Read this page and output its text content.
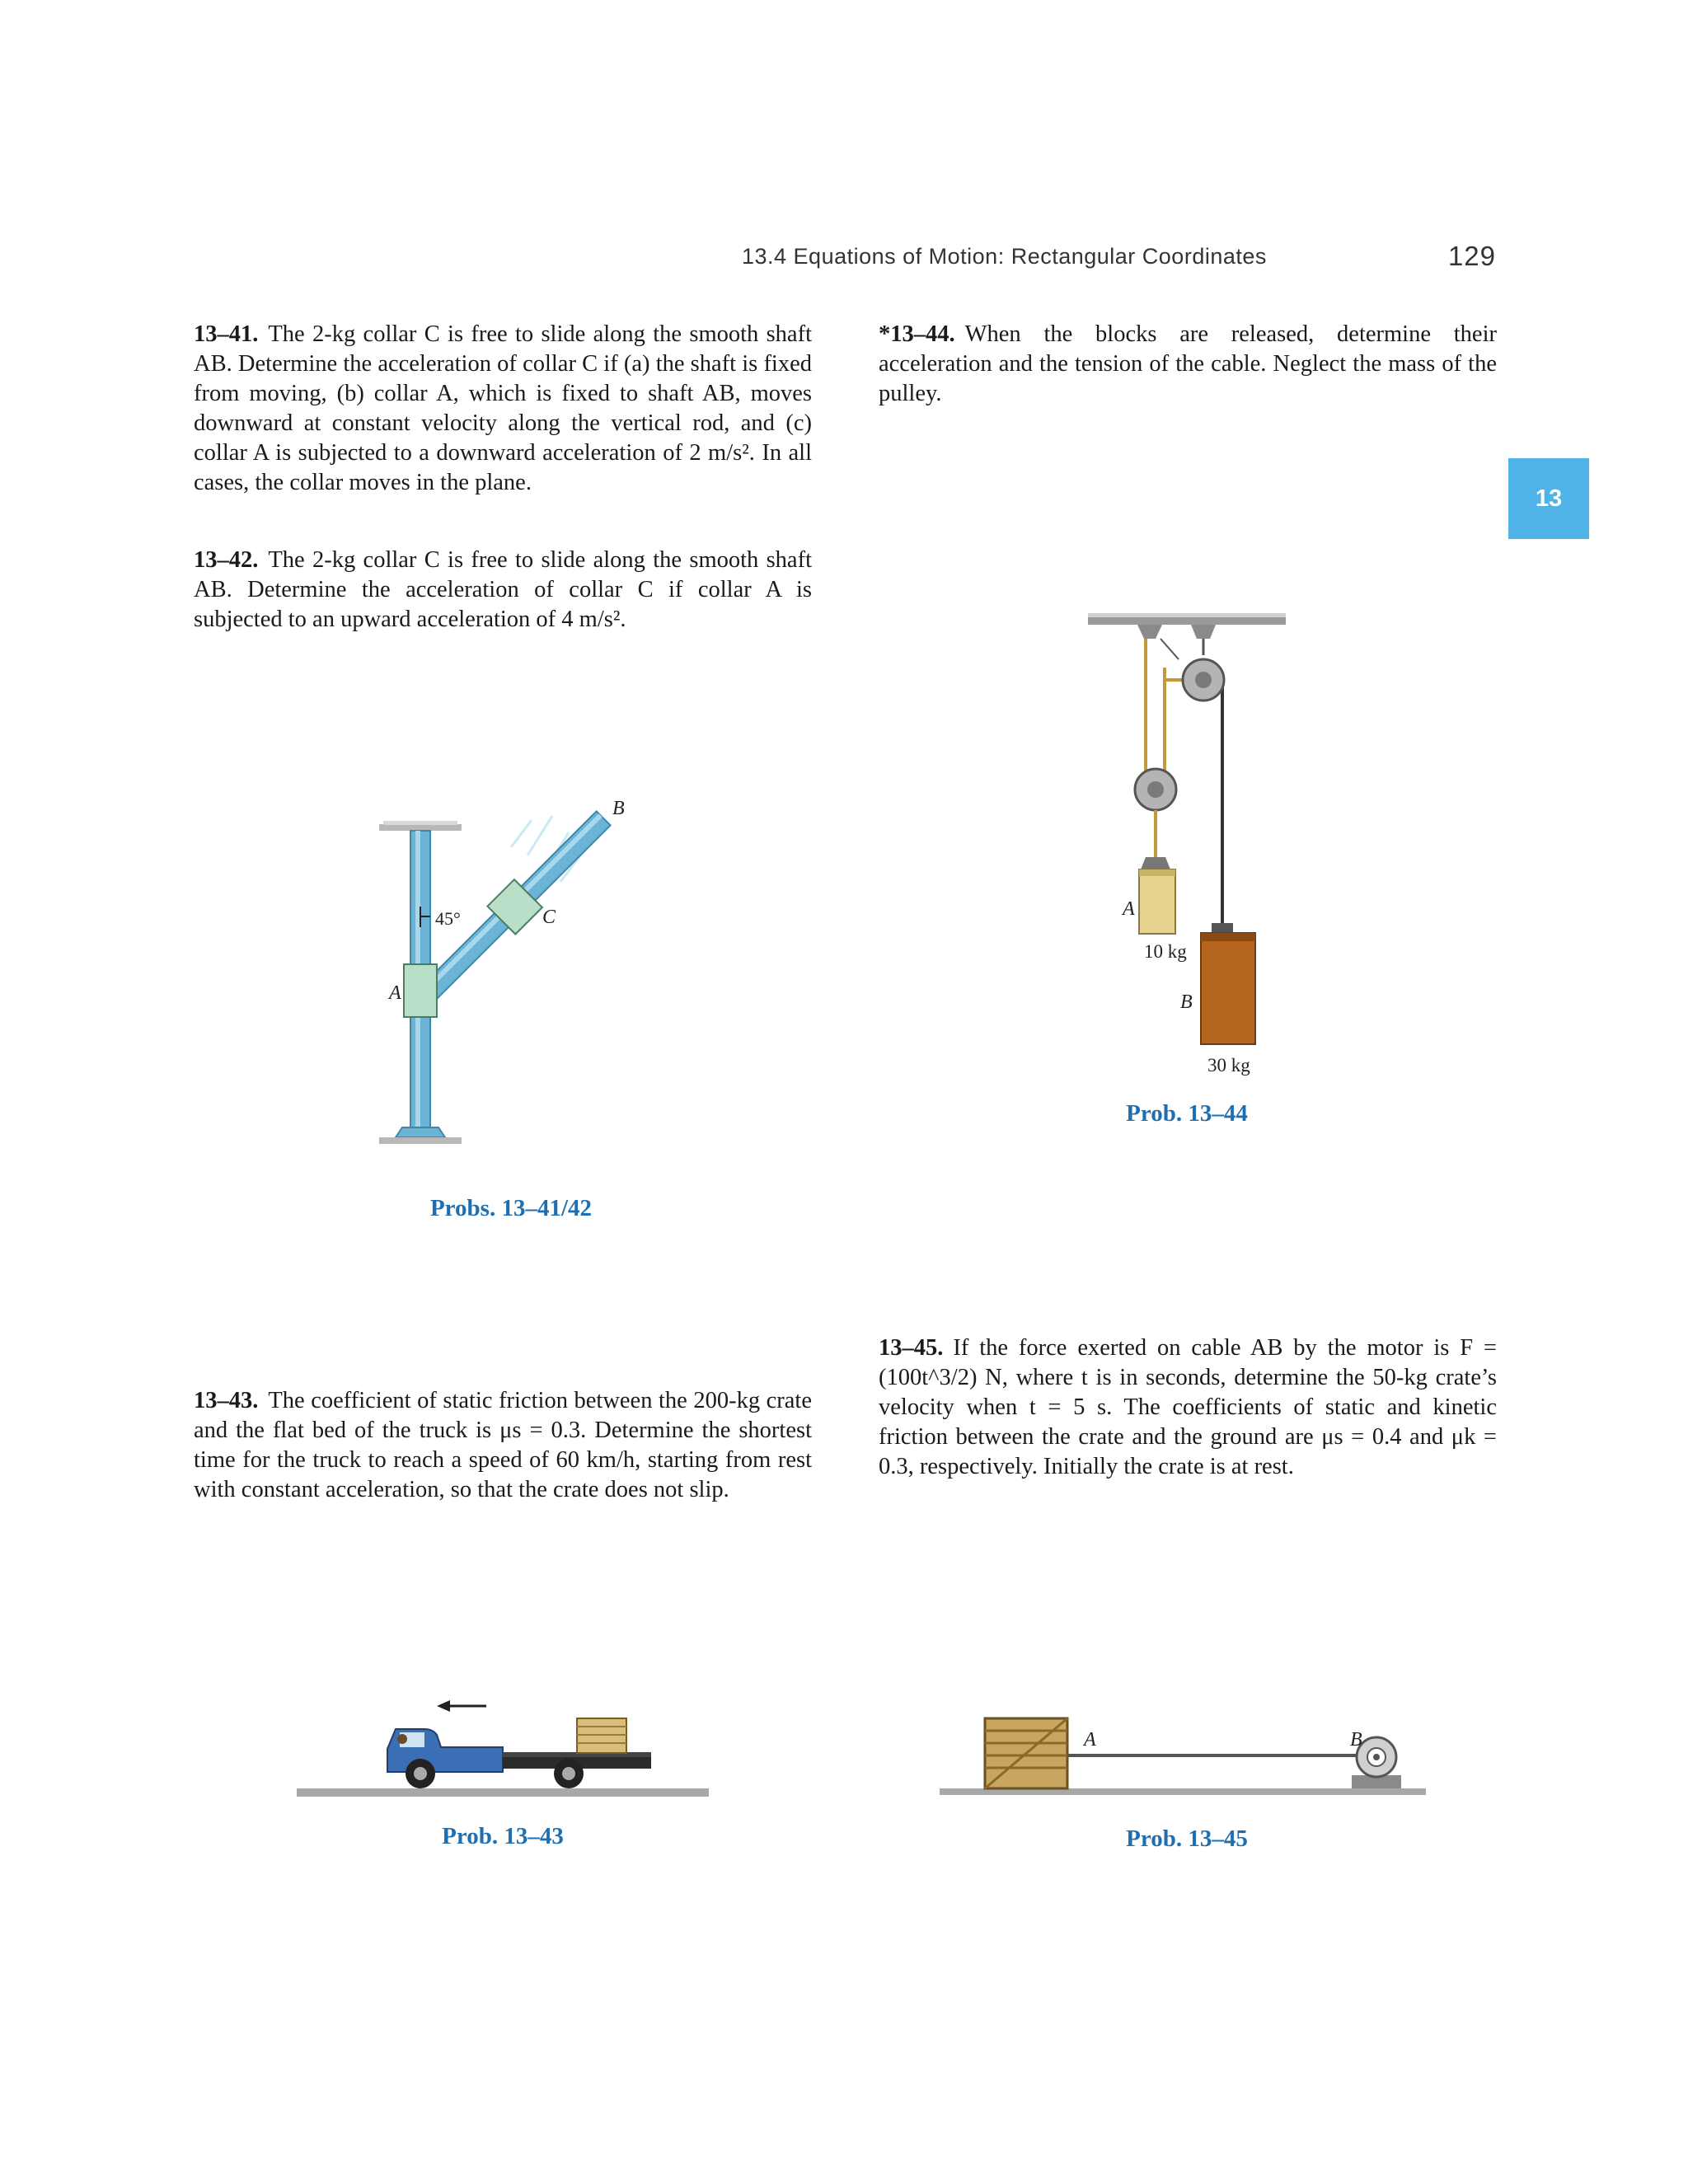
13.4 Equations of Motion: Rectangular Coordinates	129
13
13–41. The 2-kg collar C is free to slide along the smooth shaft AB. Determine the acceleration of collar C if (a) the shaft is fixed from moving, (b) collar A, which is fixed to shaft AB, moves downward at constant velocity along the vertical rod, and (c) collar A is subjected to a downward acceleration of 2 m/s². In all cases, the collar moves in the plane.
13–42. The 2-kg collar C is free to slide along the smooth shaft AB. Determine the acceleration of collar C if collar A is subjected to an upward acceleration of 4 m/s².
*13–44. When the blocks are released, determine their acceleration and the tension of the cable. Neglect the mass of the pulley.
13–43. The coefficient of static friction between the 200-kg crate and the flat bed of the truck is μs = 0.3. Determine the shortest time for the truck to reach a speed of 60 km/h, starting from rest with constant acceleration, so that the crate does not slip.
13–45. If the force exerted on cable AB by the motor is F = (100t^3/2) N, where t is in seconds, determine the 50-kg crate’s velocity when t = 5 s. The coefficients of static and kinetic friction between the crate and the ground are μs = 0.4 and μk = 0.3, respectively. Initially the crate is at rest.
45°
B
C
A
Probs. 13–41/42
A
10 kg
B
30 kg
Prob. 13–44
Prob. 13–43
A	B
Prob. 13–45
